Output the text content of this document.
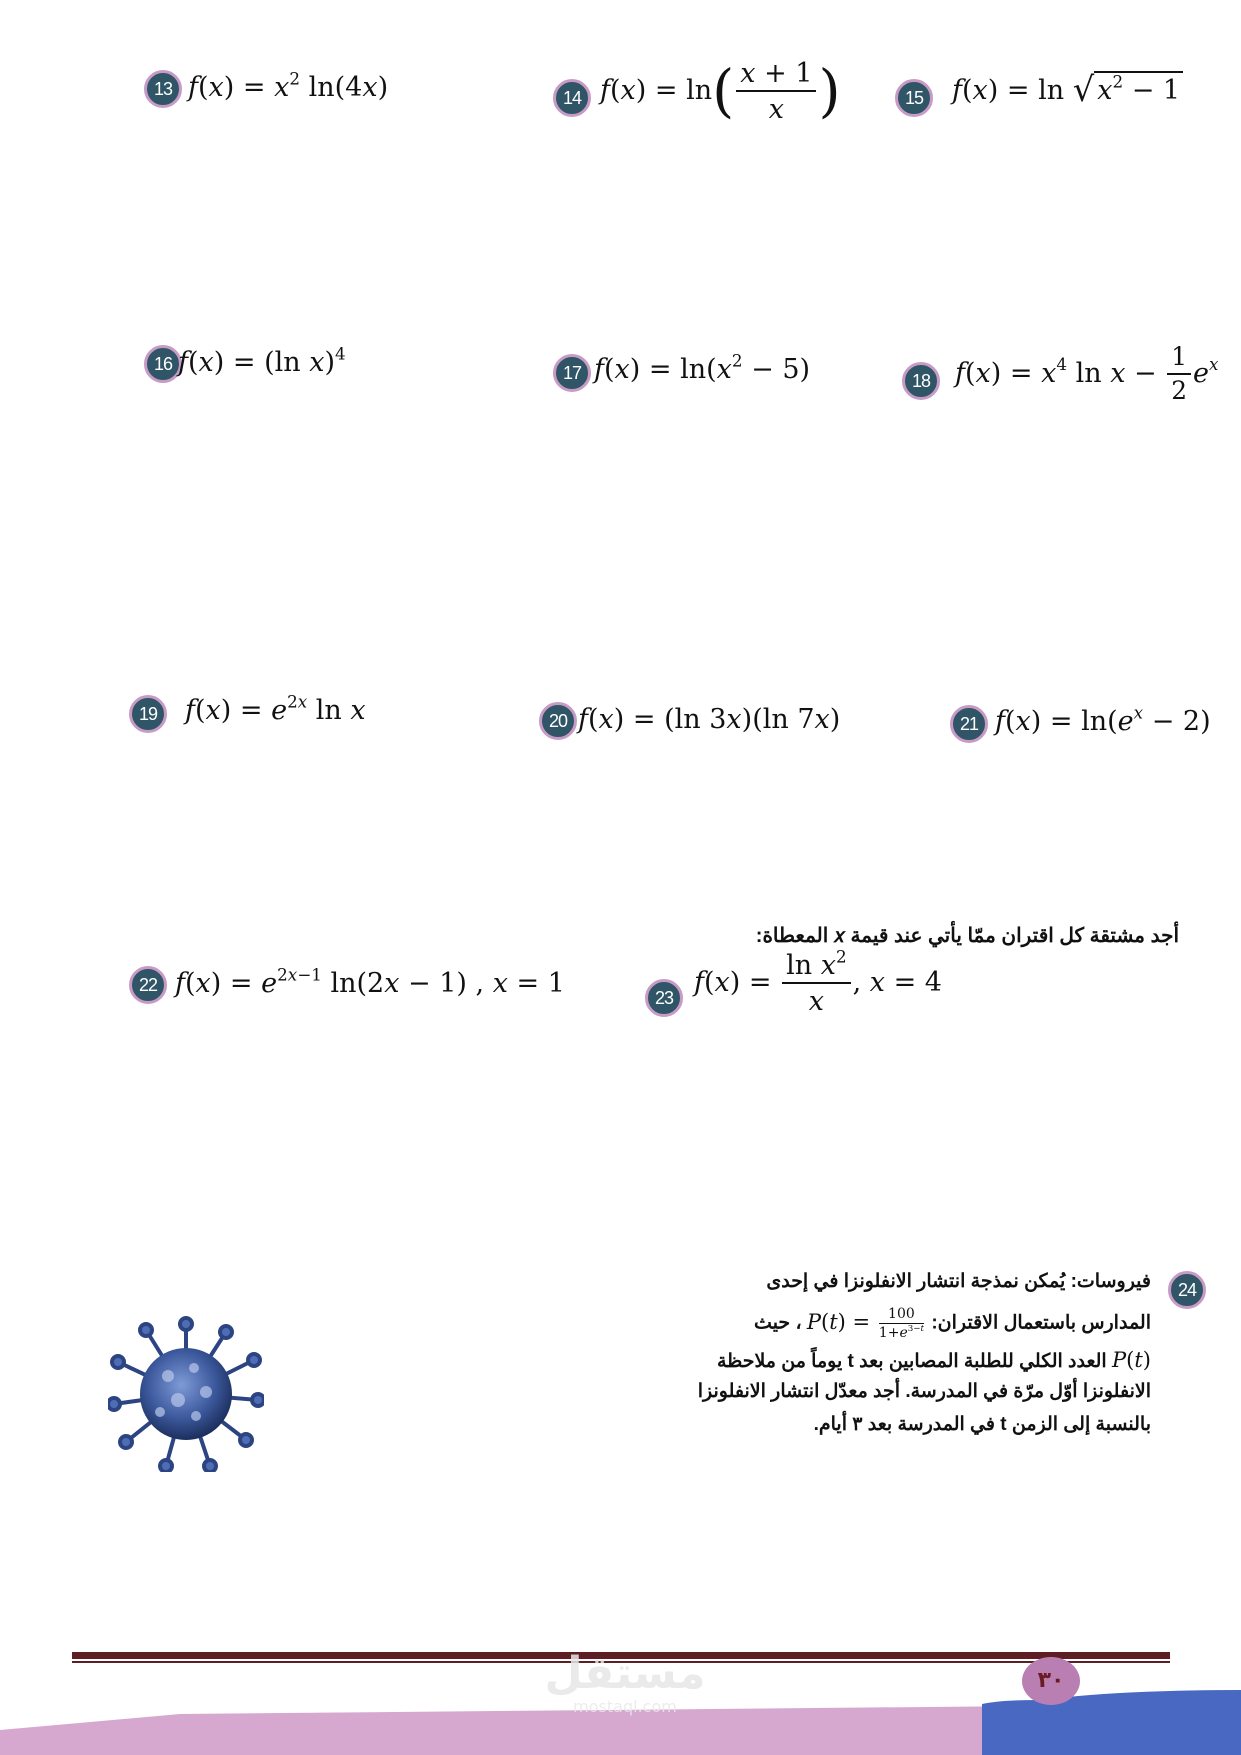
13 $f(x) = x^2$ ln(4x)	14 $f(x) = \ln( \frac{x + 1}{x}$ )	15	f(x) = ln √ $x^2 - 1$
16 f(x) = (ln x)$^4$
17 $f(x) = \ln(x^2 - 5)$	18 $f(x) = x^4$ $\ln x - \frac{1}{2} e^x$
19	$f(x) = e^{2x}$ ln x	20 f(x) = (ln 3x)(ln 7x)	21 $f(x) = \ln(e^x - 2)$
أجد مشتقة كل اقتران ممّا يأتي عند قيمة 𝑥 المعطاة:
22 $f(x) = e^{2x-1}$ ln(2x − 1) , x = 1	23 $f(x) = \frac{\ln x^2}{x}$ , x = 4
24
فيروسات: يُمكن نمذجة انتشار الانفلونزا في إحدى
المدارس باستعمال الاقتران: $P(t) = \frac{100}{1+e^{3-t}}$
، حيث
P(t) العدد الكلي للطلبة المصابين بعد t يوماً من ملاحظة
الانفلونزا أوّل مرّة في المدرسة. أجد معدّل انتشار الانفلونزا
بالنسبة إلى الزمن t في المدرسة بعد ٣ أيام.
٣٠
مستقل
mostaql.com
